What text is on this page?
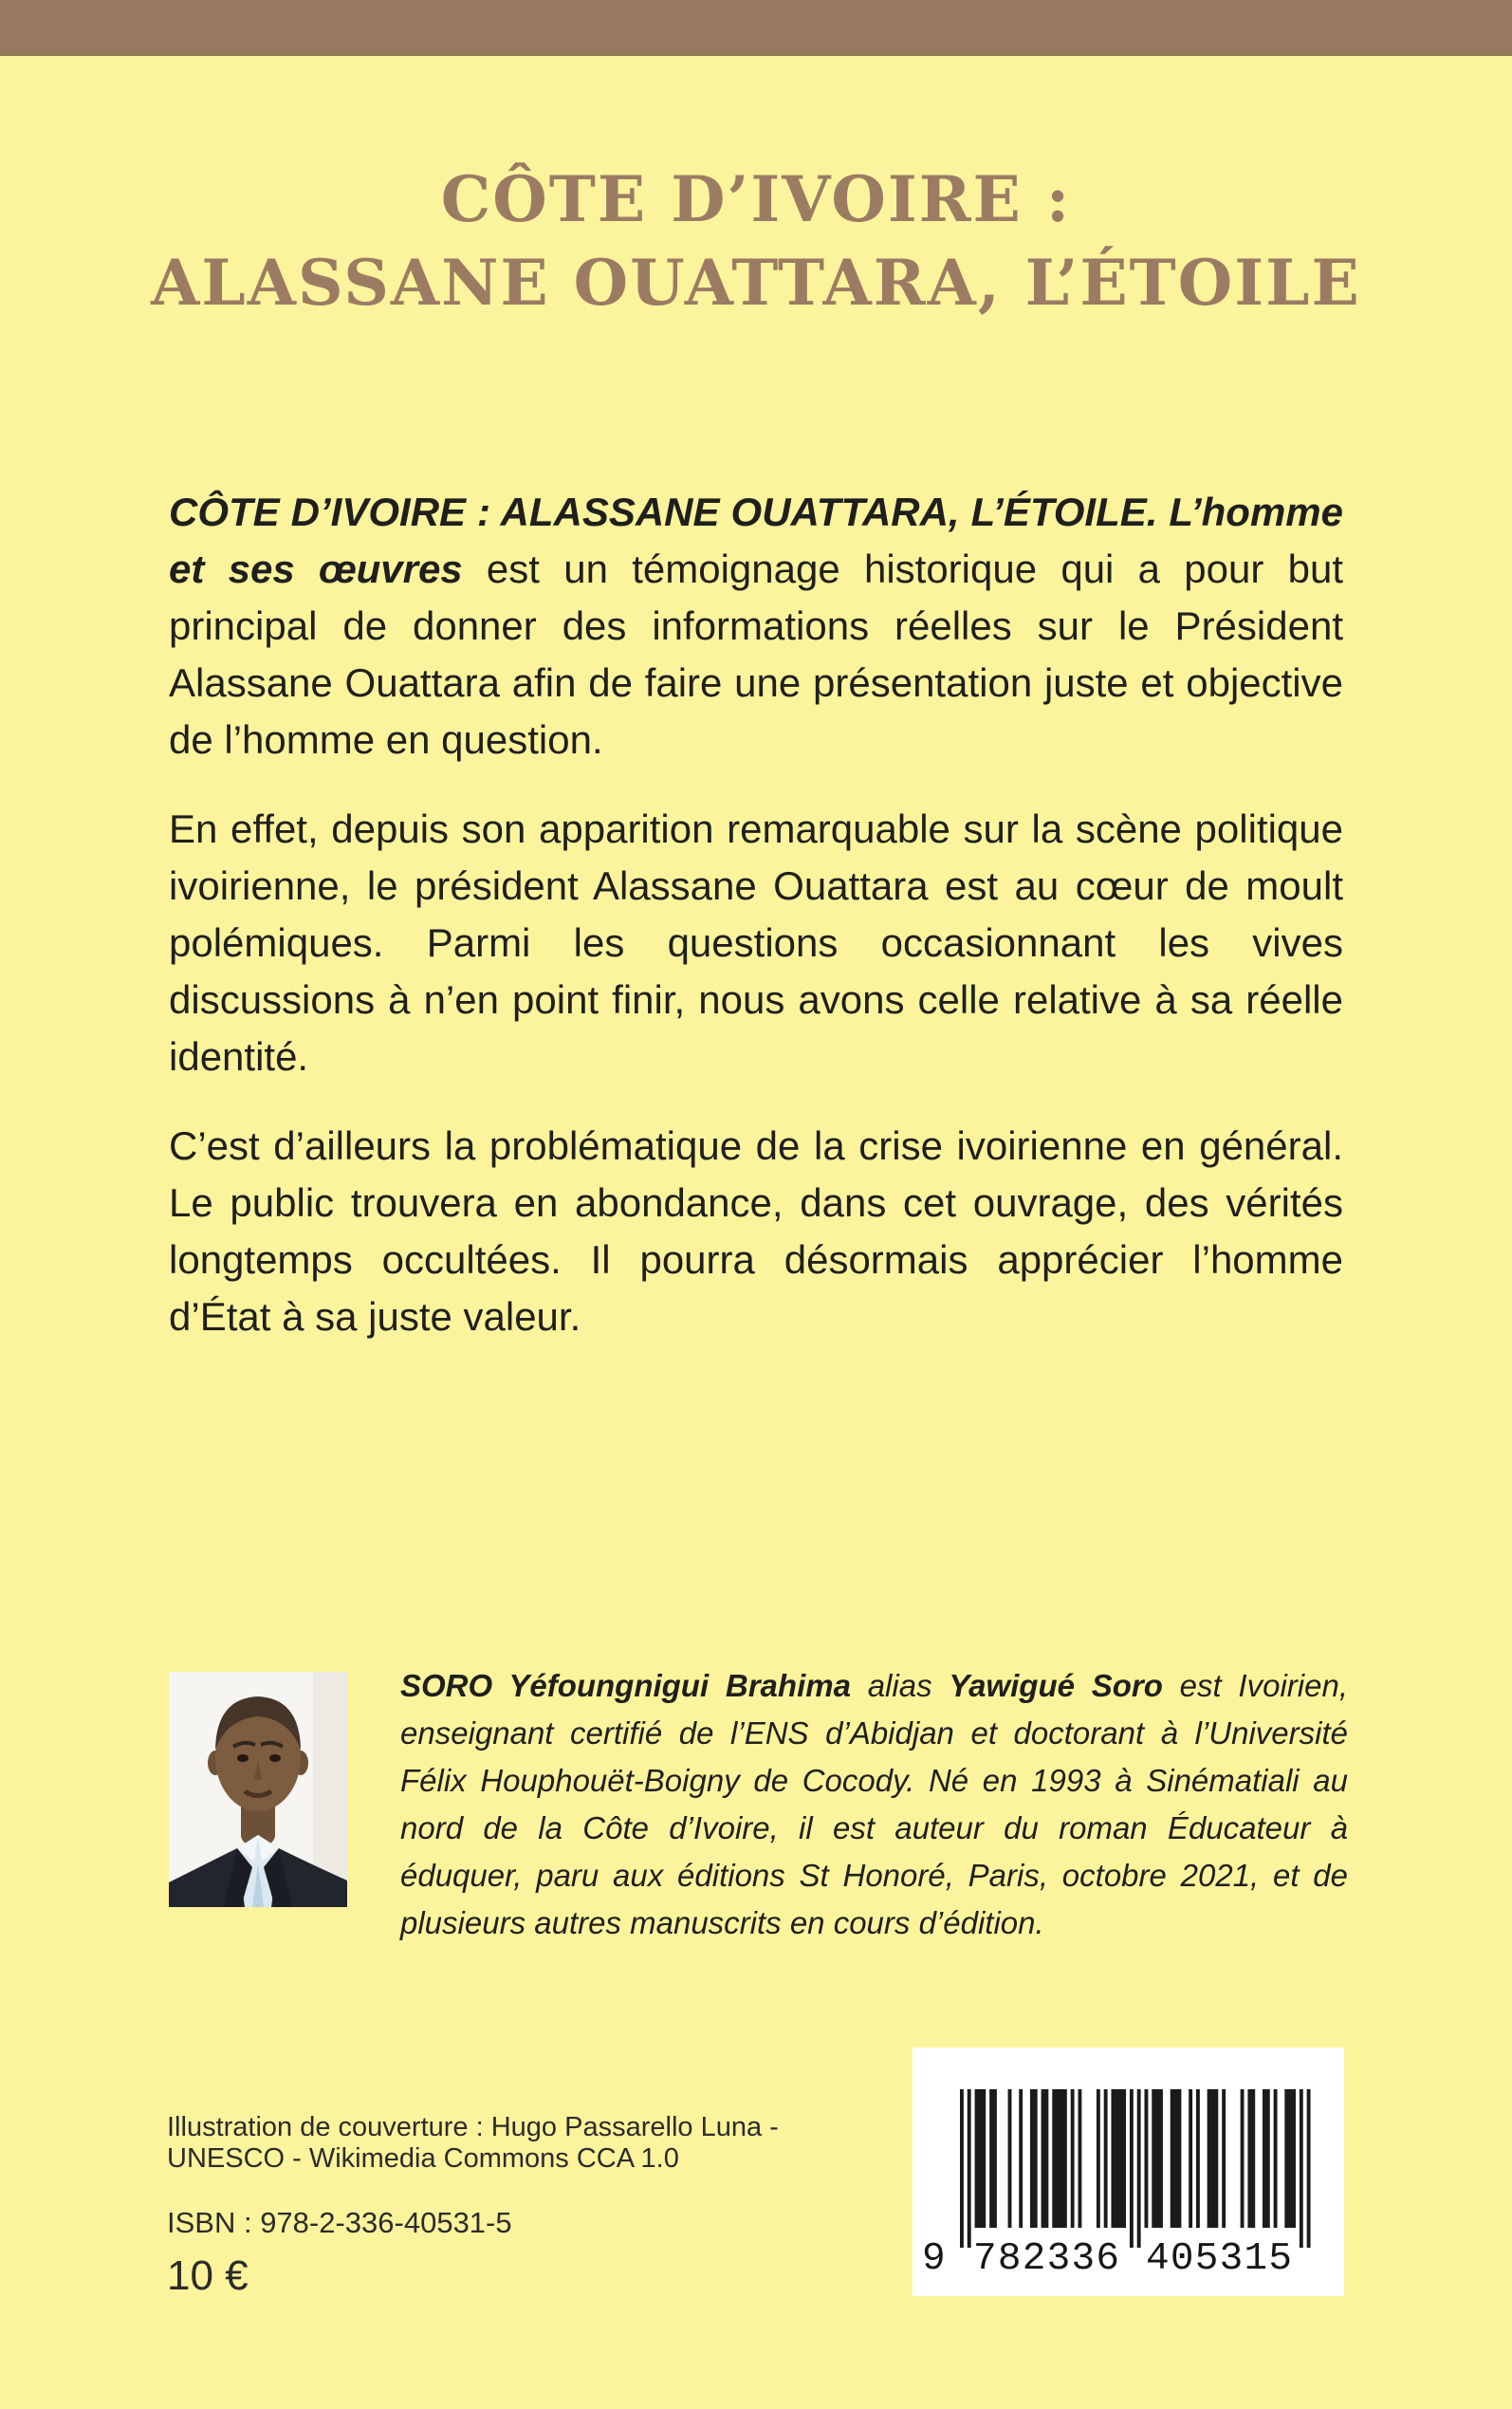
CÔTE D’IVOIRE :
ALASSANE OUATTARA, L’ÉTOILE

CÔTE D’IVOIRE : ALASSANE OUATTARA, L’ÉTOILE. L’homme et ses œuvres est un témoignage historique qui a pour but principal de donner des informations réelles sur le Président Alassane Ouattara afin de faire une présentation juste et objective de l’homme en question.

En effet, depuis son apparition remarquable sur la scène politique ivoirienne, le président Alassane Ouattara est au cœur de moult polémiques. Parmi les questions occasionnant les vives discussions à n’en point finir, nous avons celle relative à sa réelle identité.

C’est d’ailleurs la problématique de la crise ivoirienne en général. Le public trouvera en abondance, dans cet ouvrage, des vérités longtemps occultées. Il pourra désormais apprécier l’homme d’État à sa juste valeur.

SORO Yéfoungnigui Brahima alias Yawigué Soro est Ivoirien, enseignant certifié de l’ENS d’Abidjan et doctorant à l’Université Félix Houphouët-Boigny de Cocody. Né en 1993 à Sinématiali au nord de la Côte d’Ivoire, il est auteur du roman Éducateur à éduquer, paru aux éditions St Honoré, Paris, octobre 2021, et de plusieurs autres manuscrits en cours d’édition.
Illustration de couverture : Hugo Passarello Luna -
UNESCO - Wikimedia Commons CCA 1.0
ISBN : 978-2-336-40531-5
10 €	9 782336 405315
